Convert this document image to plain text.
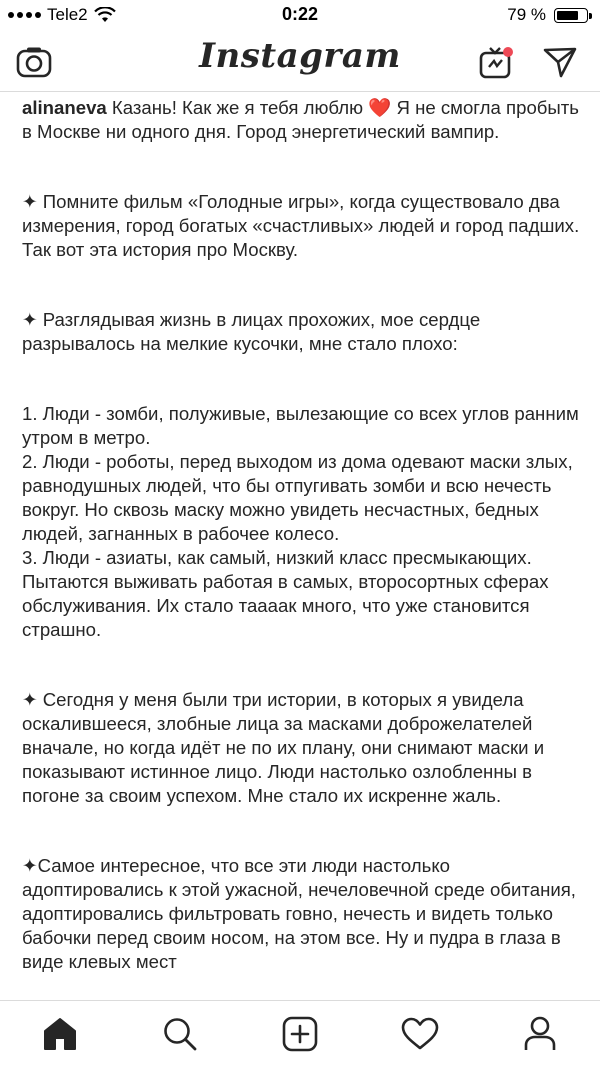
Tele2	0:22	79 %
Instagram

alinaneva Казань! Как же я тебя люблю ❤️ Я не смогла пробыть в Москве ни одного дня. Город энергетический вампир.

✦ Помните фильм «Голодные игры», когда существовало два измерения, город богатых «счастливых» людей и город падших. Так вот эта история про Москву.

✦ Разглядывая жизнь в лицах прохожих, мое сердце разрывалось на мелкие кусочки, мне стало плохо:

1. Люди - зомби, полуживые, вылезающие со всех углов ранним утром в метро.

2. Люди - роботы, перед выходом из дома одевают маски злых, равнодушных людей, что бы отпугивать зомби и всю нечесть вокруг. Но сквозь маску можно увидеть несчастных, бедных людей, загнанных в рабочее колесо.

3. Люди - азиаты, как самый, низкий класс пресмыкающих. Пытаются выживать работая в самых, второсортных сферах обслуживания. Их стало тааaак много, что уже становится страшно.

✦ Сегодня у меня были три истории, в которых я увидела оскалившееся, злобные лица за масками доброжелателей вначале, но когда идёт не по их плану, они снимают маски и показывают истинное лицо. Люди настолько озлобленны в погоне за своим успехом. Мне стало их искренне жаль.

✦Самое интересное, что все эти люди настолько адоптировались к этой ужасной, нечеловечной среде обитания, адоптировались фильтровать говно, нечесть и видеть только бабочки перед своим носом, на этом все. Ну и пудра в глаза в виде клевых мест
